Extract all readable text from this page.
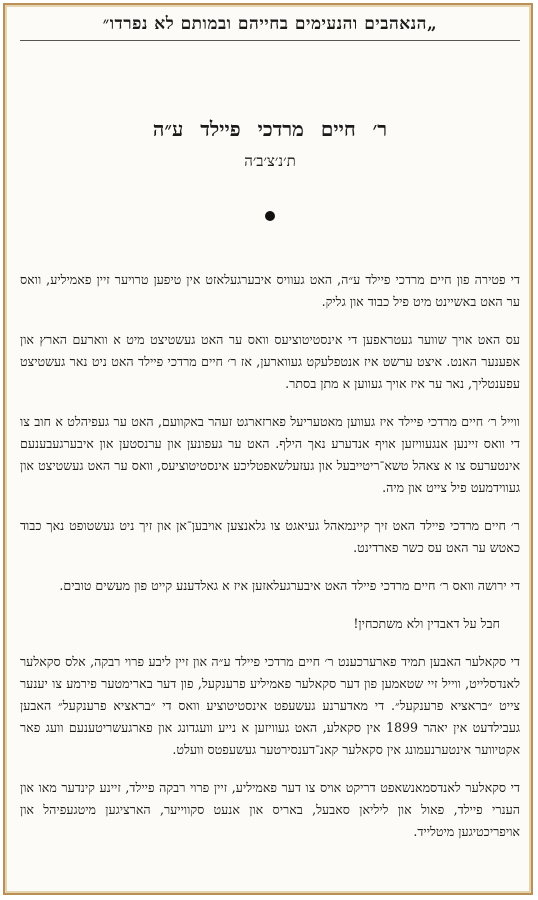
„הנאהבים והנעימים בחייהם ובמותם לא נפרדו״
ר׳ חיים מרדכי פיילד ע״ה
ת׳נ׳צ׳ב׳ה

די פטירה פון חיים מרדכי פיילד ע״ה, האט געוויס איבערגעלאזט אין טיפען טרויער זיין פאמיליע, וואס ער האט באשיינט מיט פיל כבוד און גליק.

עס האט אויך שווער געטראפען די אינסטיטוציעס וואס ער האט געשטיצט מיט א ווארעם הארץ און אפענער האנט. איצט ערשט איז אנטפלעקט געווארען, אז ר׳ חיים מרדכי פיילד האט ניט נאר געשטיצט עפענטליך, נאר ער איז אויך געווען א מתן בסתר.

ווייל ר׳ חיים מרדכי פיילד איז געווען מאטעריעל פארזארגט זעהר באקוועם, האט ער געפיהלט א חוב צו די וואס זיינען אנגעוויזען אויף אנדערע נאך הילף. האט ער געפונען און ערנסטען און איבערגעבענעם אינטערעס צו א צאהל טשא־ריטייבעל און געזעלשאפטליכע אינסטיטוציעס, וואס ער האט געשטיצט און געווידמעט פיל צייט און מיה.

ר׳ חיים מרדכי פיילד האט זיך קיינמאהל געיאגט צו גלאנצען אויבען־אן און זיך ניט געשטופט נאך כבוד כאטש ער האט עס כשר פארדינט.

די ירושה וואס ר׳ חיים מרדכי פיילד האט איבערגעלאזען איז א גאלדענע קייט פון מעשים טובים.

חבל על דאבדין ולא משתכחין!

די סקאלער האבען תמיד פארערכענט ר׳ חיים מרדכי פיילד ע״ה און זיין ליבע פרוי רבקה, אלס סקאלער לאנדסלייט, ווייל זיי שטאמען פון דער סקאלער פאמיליע פרענקעל, פון דער בארימטער פירמע צו יענער צייט ״בראציא פרענקעל״. די מאדערנע געשעפט אינסטיטוציע וואס די ״בראציא פרענקעל״ האבען געבילדעט אין יאהר 1899 אין סקאלע, האט געוויזען א נייע וועגדונג און פארגעשריטענעם וועג פאר אקטיווער אינטערנעמונג אין סקאלער קאנ־דענסירטער געשעפטס וועלט.

די סקאלער לאנדסמאנשאפט דריקט אויס צו דער פאמיליע, זיין פרוי רבקה פיילד, זיינע קינדער מאו און הענרי פיילד, פאול און ליליאן סאבעל, באריס און אנעט סקווייער, הארציגען מיטגעפיהל און אויפריכטיגען מיטלייד.
